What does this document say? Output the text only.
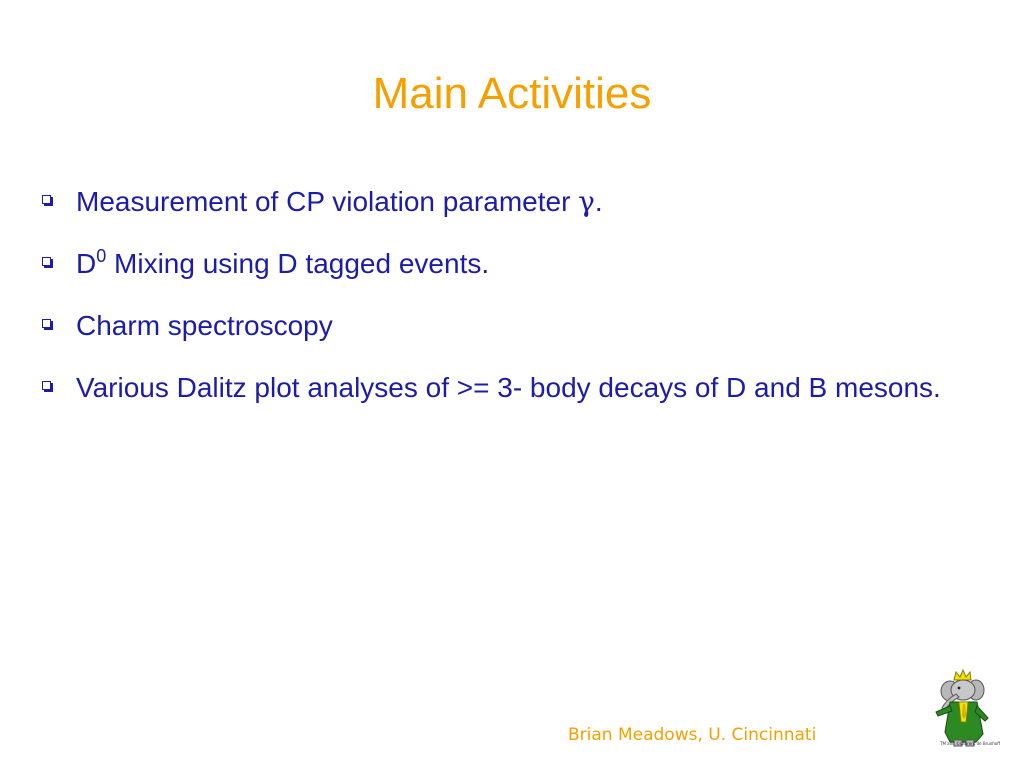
Main Activities
Measurement of CP violation parameter γ.
$D^0$ Mixing using D tagged events.
Charm spectroscopy
Various Dalitz plot analyses of >= 3- body decays of D and B mesons.
Brian Meadows, U. Cincinnati	TM and ©Laurent de Brunhoff
